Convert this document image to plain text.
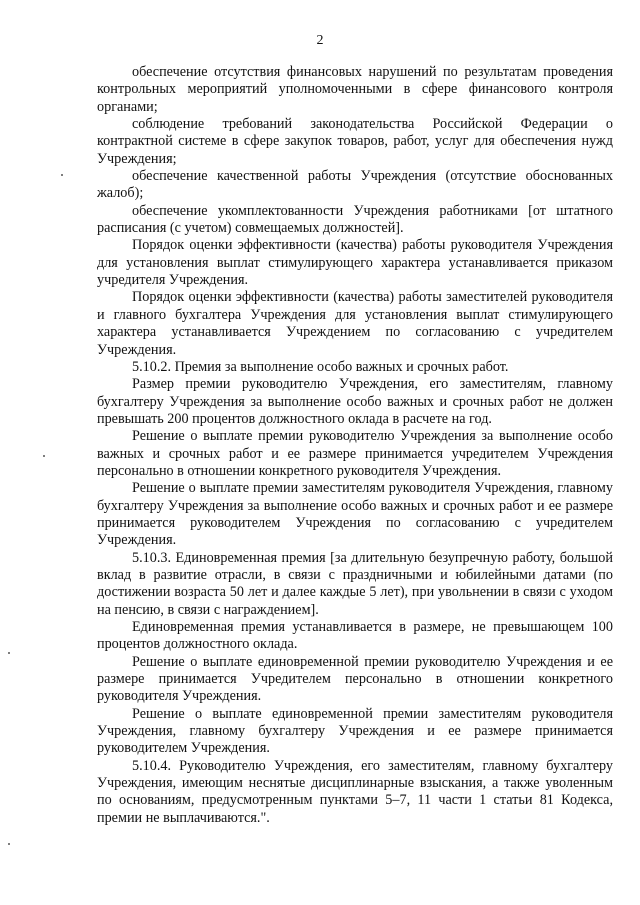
2

обеспечение отсутствия финансовых нарушений по результатам проведения контрольных мероприятий уполномоченными в сфере финансового контроля органами;

соблюдение требований законодательства Российской Федерации о контрактной системе в сфере закупок товаров, работ, услуг для обеспечения нужд Учреждения;

обеспечение качественной работы Учреждения (отсутствие обоснованных жалоб);

обеспечение укомплектованности Учреждения работниками [от штатного расписания (с учетом) совмещаемых должностей].

Порядок оценки эффективности (качества) работы руководителя Учреждения для установления выплат стимулирующего характера устанавливается приказом учредителя Учреждения.

Порядок оценки эффективности (качества) работы заместителей руководителя и главного бухгалтера Учреждения для установления выплат стимулирующего характера устанавливается Учреждением по согласованию с учредителем Учреждения.

5.10.2. Премия за выполнение особо важных и срочных работ.

Размер премии руководителю Учреждения, его заместителям, главному бухгалтеру Учреждения за выполнение особо важных и срочных работ не должен превышать 200 процентов должностного оклада в расчете на год.

Решение о выплате премии руководителю Учреждения за выполнение особо важных и срочных работ и ее размере принимается учредителем Учреждения персонально в отношении конкретного руководителя Учреждения.

Решение о выплате премии заместителям руководителя Учреждения, главному бухгалтеру Учреждения за выполнение особо важных и срочных работ и ее размере принимается руководителем Учреждения по согласованию с учредителем Учреждения.

5.10.3. Единовременная премия [за длительную безупречную работу, большой вклад в развитие отрасли, в связи с праздничными и юбилейными датами (по достижении возраста 50 лет и далее каждые 5 лет), при увольнении в связи с уходом на пенсию, в связи с награждением].

Единовременная премия устанавливается в размере, не превышающем 100 процентов должностного оклада.

Решение о выплате единовременной премии руководителю Учреждения и ее размере принимается Учредителем персонально в отношении конкретного руководителя Учреждения.

Решение о выплате единовременной премии заместителям руководителя Учреждения, главному бухгалтеру Учреждения и ее размере принимается руководителем Учреждения.

5.10.4. Руководителю Учреждения, его заместителям, главному бухгалтеру Учреждения, имеющим неснятые дисциплинарные взыскания, а также уволенным по основаниям, предусмотренным пунктами 5–7, 11 части 1 статьи 81 Кодекса, премии не выплачиваются.".
